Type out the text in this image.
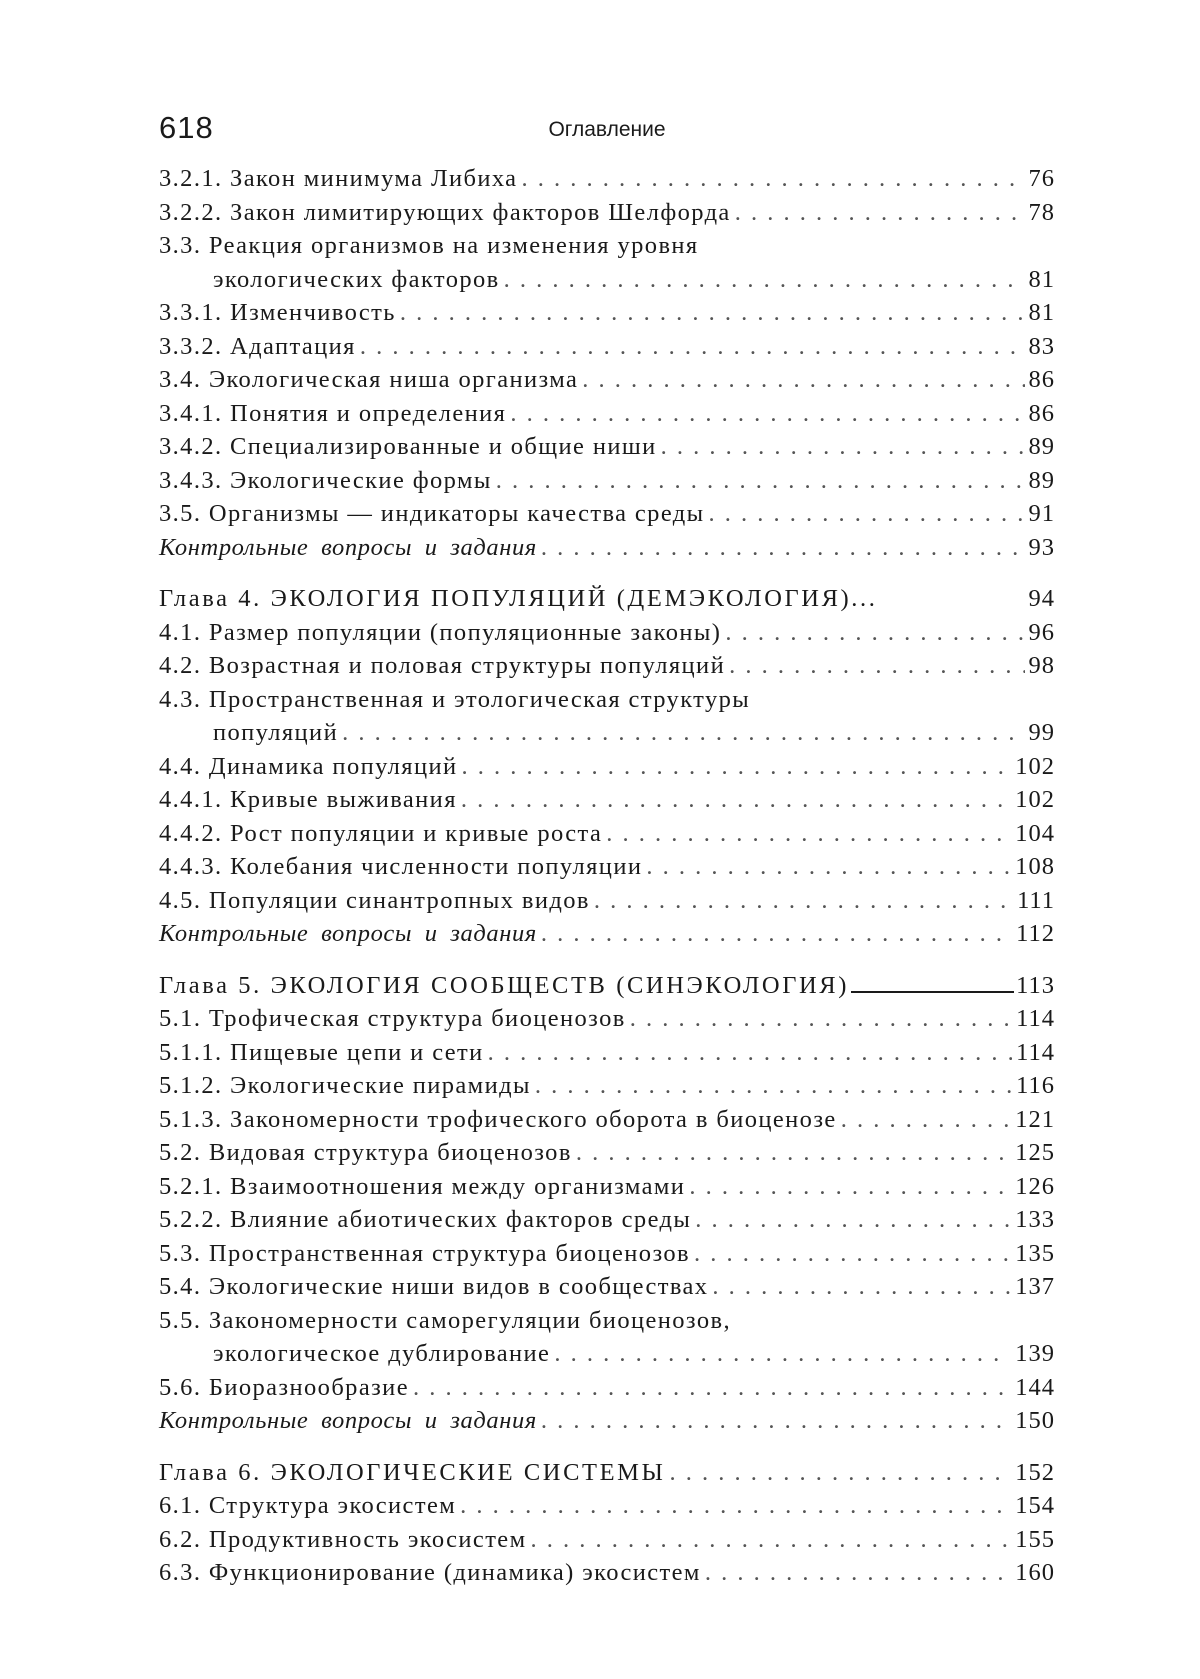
618	Оглавление
3.2.1. Закон минимума Либиха . . .	76
3.2.2. Закон лимитирующих факторов Шелфорда . . .	78
3.3. Реакция организмов на изменения уровня
экологических факторов . . .	81
3.3.1. Изменчивость . . .	81
3.3.2. Адаптация . . .	83
3.4. Экологическая ниша организма . . .	86
3.4.1. Понятия и определения . . .	86
3.4.2. Специализированные и общие ниши . . .	89
3.4.3. Экологические формы . . .	89
3.5. Организмы — индикаторы качества среды . . .	91
Контрольные вопросы и задания . . .	93
Глава 4. ЭКОЛОГИЯ ПОПУЛЯЦИЙ (ДЕМЭКОЛОГИЯ)...	94
4.1. Размер популяции (популяционные законы) . . .	96
4.2. Возрастная и половая структуры популяций . . .	98
4.3. Пространственная и этологическая структуры
популяций . . .	99
4.4. Динамика популяций . . .	102
4.4.1. Кривые выживания . . .	102
4.4.2. Рост популяции и кривые роста . . .	104
4.4.3. Колебания численности популяции . . .	108
4.5. Популяции синантропных видов . . .	111
Контрольные вопросы и задания . . .	112
Глава 5. ЭКОЛОГИЯ СООБЩЕСТВ (СИНЭКОЛОГИЯ)	113
5.1. Трофическая структура биоценозов . . .	114
5.1.1. Пищевые цепи и сети . . .	114
5.1.2. Экологические пирамиды . . .	116
5.1.3. Закономерности трофического оборота в биоценозе . . .	121
5.2. Видовая структура биоценозов . . .	125
5.2.1. Взаимоотношения между организмами . . .	126
5.2.2. Влияние абиотических факторов среды . . .	133
5.3. Пространственная структура биоценозов . . .	135
5.4. Экологические ниши видов в сообществах . . .	137
5.5. Закономерности саморегуляции биоценозов,
экологическое дублирование . . .	139
5.6. Биоразнообразие . . .	144
Контрольные вопросы и задания . . .	150
Глава 6. ЭКОЛОГИЧЕСКИЕ СИСТЕМЫ . . .	152
6.1. Структура экосистем . . .	154
6.2. Продуктивность экосистем . . .	155
6.3. Функционирование (динамика) экосистем . . .	160
